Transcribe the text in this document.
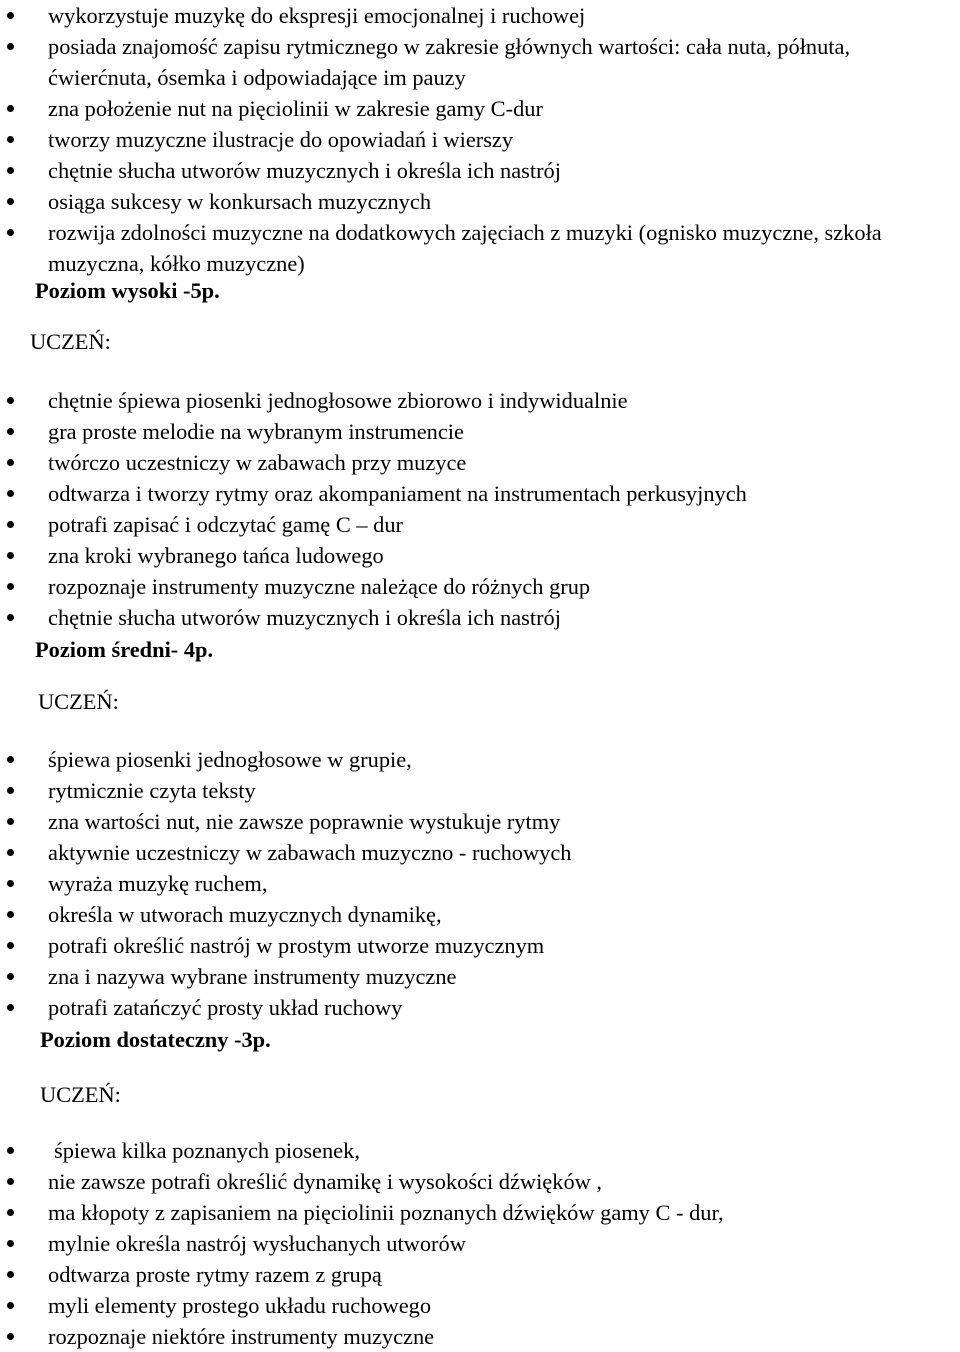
wykorzystuje muzykę do ekspresji emocjonalnej i ruchowej
posiada znajomość zapisu rytmicznego w zakresie głównych wartości: cała nuta, półnuta, ćwierćnuta, ósemka i odpowiadające im pauzy
zna położenie nut na pięciolinii w zakresie gamy C-dur
tworzy muzyczne ilustracje do opowiadań i wierszy
chętnie słucha utworów muzycznych i określa ich nastrój
osiąga sukcesy w konkursach muzycznych
rozwija zdolności muzyczne na dodatkowych zajęciach z muzyki (ognisko muzyczne, szkoła muzyczna, kółko muzyczne)
Poziom wysoki -5p.
UCZEŃ:
chętnie śpiewa piosenki jednogłosowe zbiorowo i indywidualnie
gra proste melodie na wybranym instrumencie
twórczo uczestniczy w zabawach przy muzyce
odtwarza i tworzy rytmy oraz akompaniament na instrumentach perkusyjnych
potrafi zapisać i odczytać gamę C – dur
zna kroki wybranego tańca ludowego
rozpoznaje instrumenty muzyczne należące do różnych grup
chętnie słucha utworów muzycznych i określa ich nastrój
Poziom średni- 4p.
UCZEŃ:
śpiewa piosenki jednogłosowe w grupie,
rytmicznie czyta teksty
zna wartości nut, nie zawsze poprawnie wystukuje rytmy
aktywnie uczestniczy w zabawach muzyczno - ruchowych
wyraża muzykę ruchem,
określa w utworach muzycznych dynamikę,
potrafi określić nastrój w prostym utworze muzycznym
zna i nazywa wybrane instrumenty muzyczne
potrafi zatańczyć prosty układ ruchowy
Poziom dostateczny -3p.
UCZEŃ:
śpiewa kilka poznanych piosenek,
nie zawsze potrafi określić dynamikę i wysokości dźwięków ,
ma kłopoty z zapisaniem na pięciolinii poznanych dźwięków gamy C - dur,
mylnie określa nastrój wysłuchanych utworów
odtwarza proste rytmy razem z grupą
myli elementy prostego układu ruchowego
rozpoznaje niektóre instrumenty muzyczne
